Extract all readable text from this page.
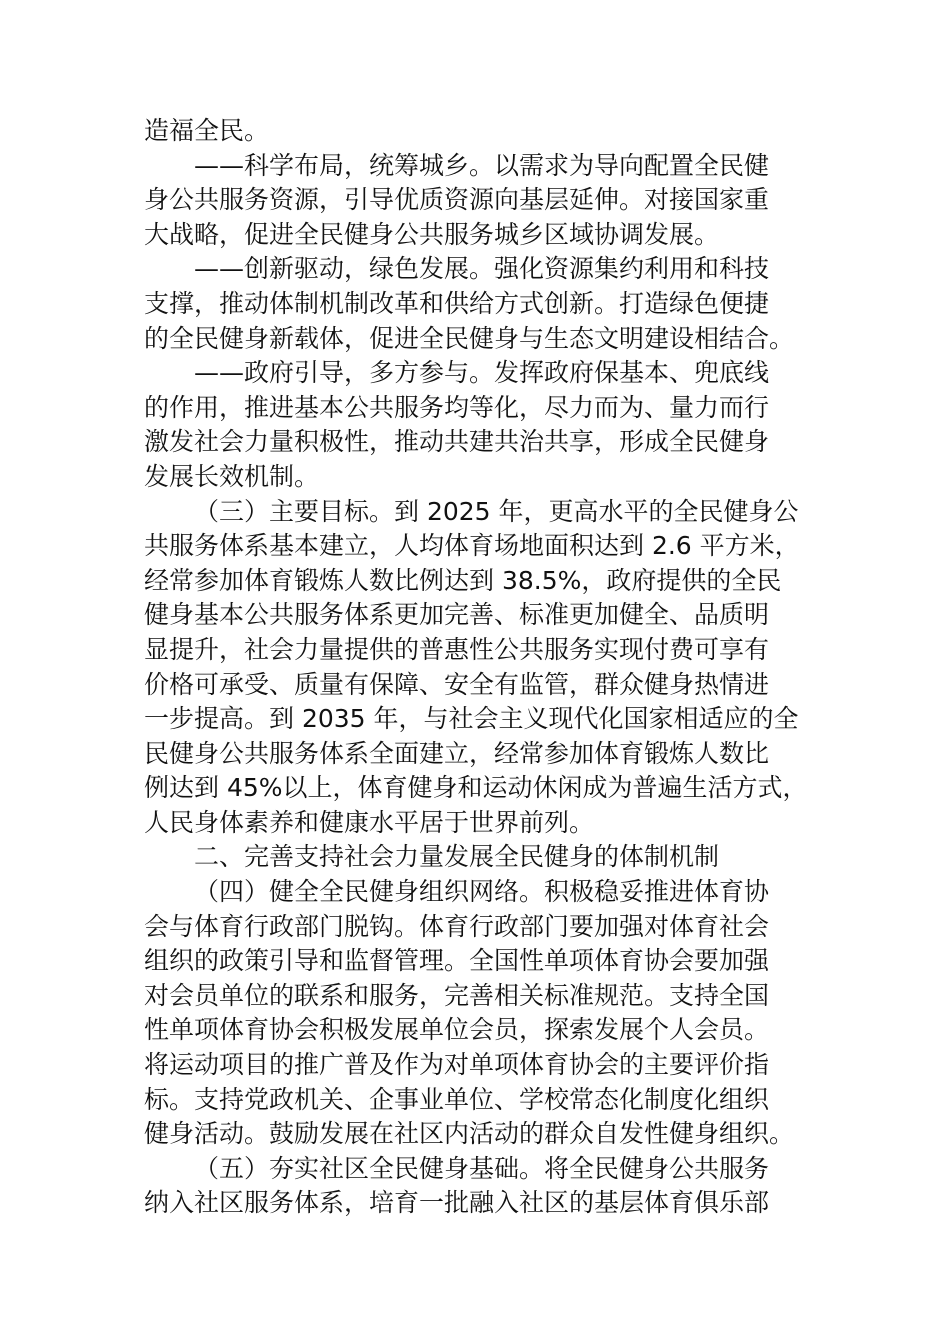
造福全民。
——科学布局，统筹城乡。以需求为导向配置全民健
身公共服务资源，引导优质资源向基层延伸。对接国家重
大战略，促进全民健身公共服务城乡区域协调发展。
——创新驱动，绿色发展。强化资源集约利用和科技
支撑，推动体制机制改革和供给方式创新。打造绿色便捷
的全民健身新载体，促进全民健身与生态文明建设相结合。
——政府引导，多方参与。发挥政府保基本、兜底线
的作用，推进基本公共服务均等化，尽力而为、量力而行
激发社会力量积极性，推动共建共治共享，形成全民健身
发展长效机制。
（三）主要目标。到 2025 年，更高水平的全民健身公
共服务体系基本建立，人均体育场地面积达到 2.6 平方米，
经常参加体育锻炼人数比例达到 38.5%，政府提供的全民
健身基本公共服务体系更加完善、标准更加健全、品质明
显提升，社会力量提供的普惠性公共服务实现付费可享有
价格可承受、质量有保障、安全有监管，群众健身热情进
一步提高。到 2035 年，与社会主义现代化国家相适应的全
民健身公共服务体系全面建立，经常参加体育锻炼人数比
例达到 45%以上，体育健身和运动休闲成为普遍生活方式，
人民身体素养和健康水平居于世界前列。
二、完善支持社会力量发展全民健身的体制机制
（四）健全全民健身组织网络。积极稳妥推进体育协
会与体育行政部门脱钩。体育行政部门要加强对体育社会
组织的政策引导和监督管理。全国性单项体育协会要加强
对会员单位的联系和服务，完善相关标准规范。支持全国
性单项体育协会积极发展单位会员，探索发展个人会员。
将运动项目的推广普及作为对单项体育协会的主要评价指
标。支持党政机关、企事业单位、学校常态化制度化组织
健身活动。鼓励发展在社区内活动的群众自发性健身组织。
（五）夯实社区全民健身基础。将全民健身公共服务
纳入社区服务体系，培育一批融入社区的基层体育俱乐部
